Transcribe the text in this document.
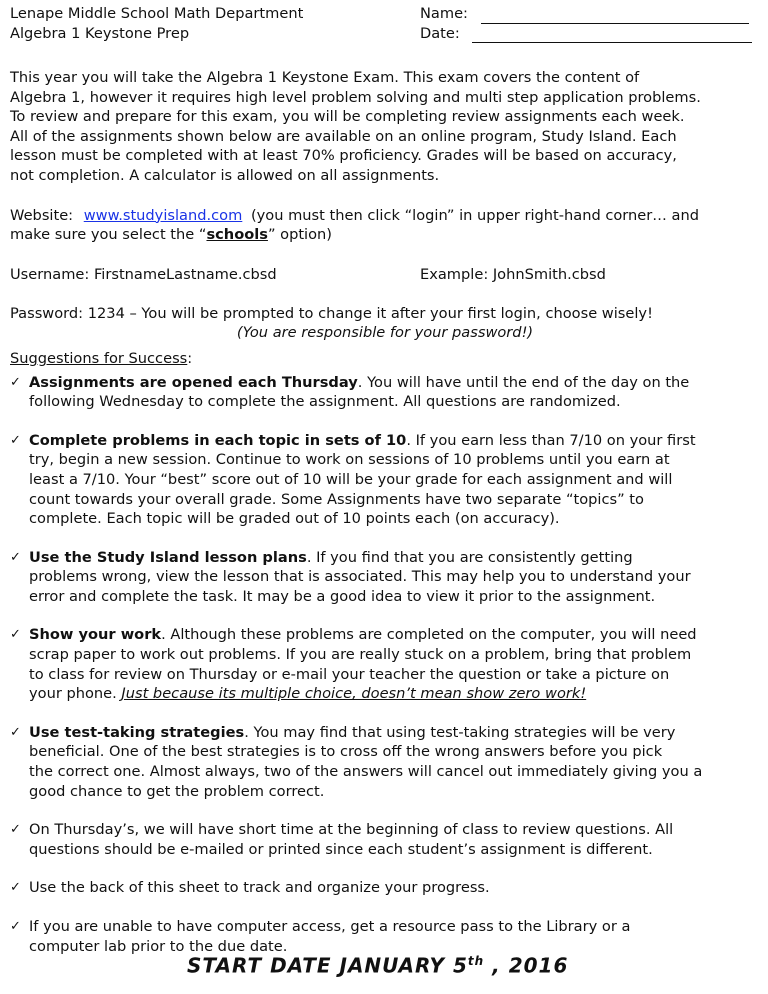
Lenape Middle School Math Department
Algebra 1 Keystone Prep
Name:
Date:
This year you will take the Algebra 1 Keystone Exam. This exam covers the content of
Algebra 1, however it requires high level problem solving and multi step application problems.
To review and prepare for this exam, you will be completing review assignments each week.
All of the assignments shown below are available on an online program, Study Island. Each
lesson must be completed with at least 70% proficiency. Grades will be based on accuracy,
not completion. A calculator is allowed on all assignments.
Website: www.studyisland.com (you must then click “login” in upper right-hand corner… and
make sure you select the “schools” option)
Username: FirstnameLastname.cbsd	Example: JohnSmith.cbsd
Password: 1234 – You will be prompted to change it after your first login, choose wisely!
(You are responsible for your password!)
Suggestions for Success:
✓ Assignments are opened each Thursday. You will have until the end of the day on the
following Wednesday to complete the assignment. All questions are randomized.
✓ Complete problems in each topic in sets of 10. If you earn less than 7/10 on your first
try, begin a new session. Continue to work on sessions of 10 problems until you earn at
least a 7/10. Your “best” score out of 10 will be your grade for each assignment and will
count towards your overall grade. Some Assignments have two separate “topics” to
complete. Each topic will be graded out of 10 points each (on accuracy).
✓ Use the Study Island lesson plans. If you find that you are consistently getting
problems wrong, view the lesson that is associated. This may help you to understand your
error and complete the task. It may be a good idea to view it prior to the assignment.
✓ Show your work. Although these problems are completed on the computer, you will need
scrap paper to work out problems. If you are really stuck on a problem, bring that problem
to class for review on Thursday or e-mail your teacher the question or take a picture on
your phone. Just because its multiple choice, doesn’t mean show zero work!
✓ Use test-taking strategies. You may find that using test-taking strategies will be very
beneficial. One of the best strategies is to cross off the wrong answers before you pick
the correct one. Almost always, two of the answers will cancel out immediately giving you a
good chance to get the problem correct.
✓ On Thursday’s, we will have short time at the beginning of class to review questions. All
questions should be e-mailed or printed since each student’s assignment is different.
✓ Use the back of this sheet to track and organize your progress.
✓ If you are unable to have computer access, get a resource pass to the Library or a
computer lab prior to the due date.
START DATE JANUARY 5th , 2016
